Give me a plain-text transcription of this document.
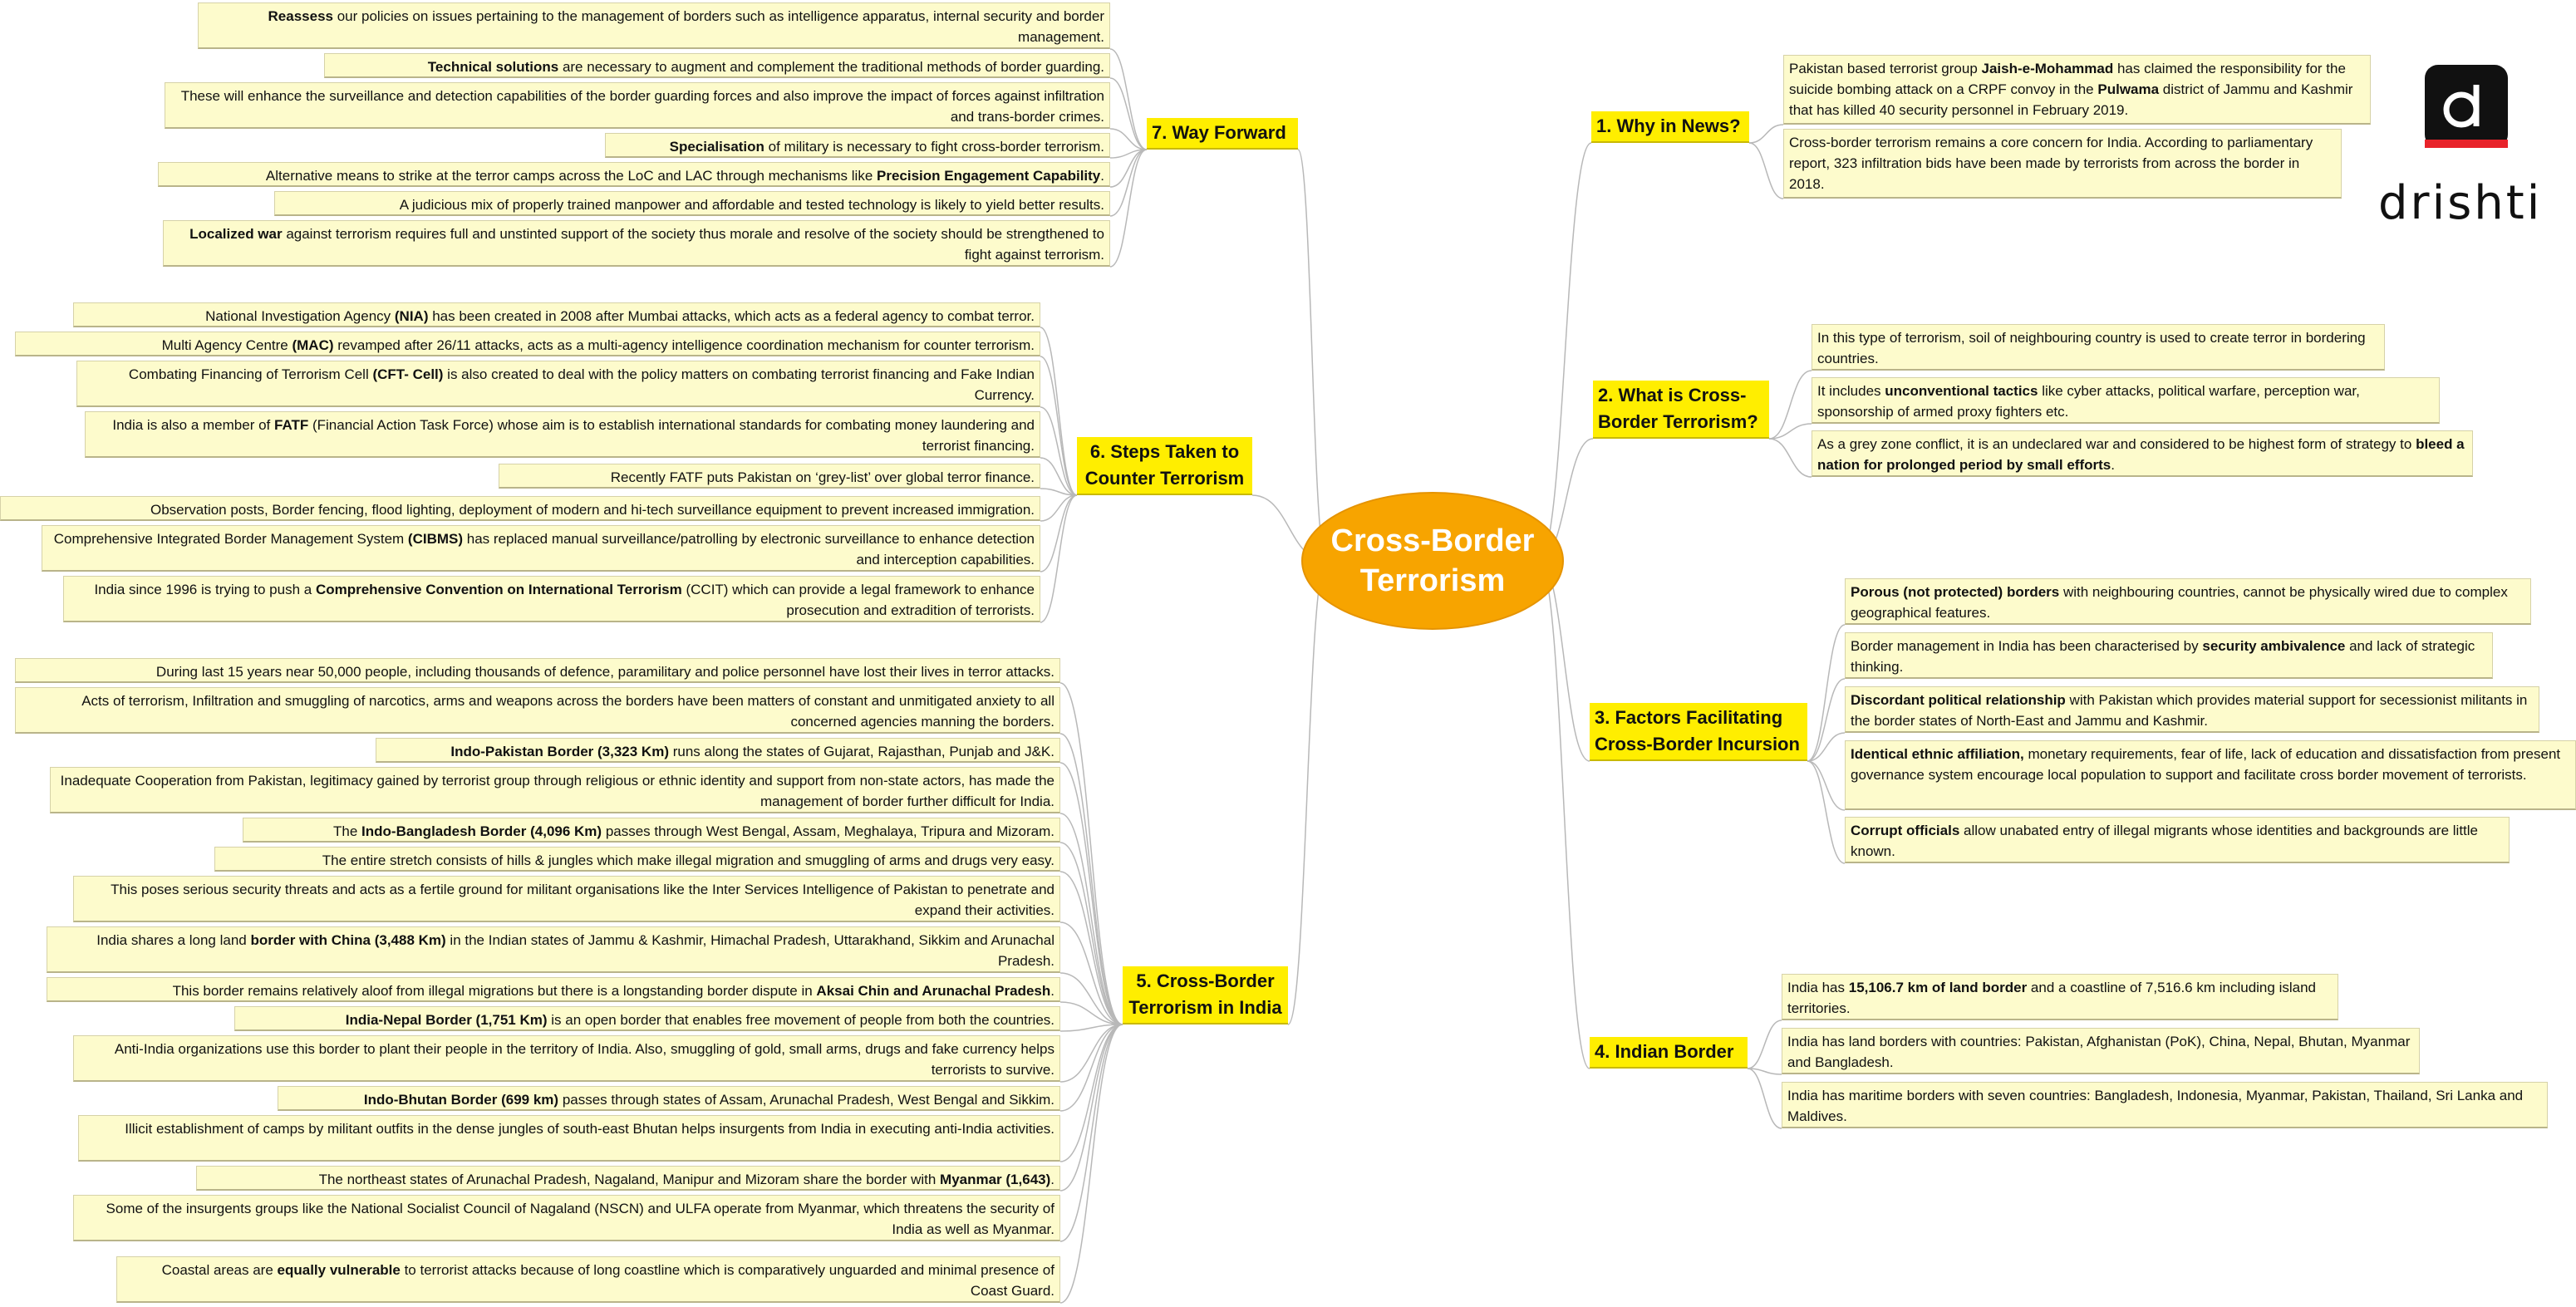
drishti
Cross-Border
Terrorism
1. Why in News?
2. What is Cross-Border Terrorism?
3. Factors Facilitating Cross-Border Incursion
4. Indian Border
5. Cross-Border Terrorism in India
6. Steps Taken to Counter Terrorism
7. Way Forward
Pakistan based terrorist group Jaish-e-Mohammad has claimed the responsibility for the suicide bombing attack on a CRPF convoy in the Pulwama district of Jammu and Kashmir that has killed 40 security personnel in February 2019.
Cross-border terrorism remains a core concern for India. According to parliamentary report, 323 infiltration bids have been made by terrorists from across the border in 2018.
In this type of terrorism, soil of neighbouring country is used to create terror in bordering countries.
It includes unconventional tactics like cyber attacks, political warfare, perception war, sponsorship of armed proxy fighters etc.
As a grey zone conflict, it is an undeclared war and considered to be highest form of strategy to bleed a nation for prolonged period by small efforts.
Porous (not protected) borders with neighbouring countries, cannot be physically wired due to complex geographical features.
Border management in India has been characterised by security ambivalence and lack of strategic thinking.
Discordant political relationship with Pakistan which provides material support for secessionist militants in the border states of North-East and Jammu and Kashmir.
Identical ethnic affiliation, monetary requirements, fear of life, lack of education and dissatisfaction from present governance system encourage local population to support and facilitate cross border movement of terrorists.
Corrupt officials allow unabated entry of illegal migrants whose identities and backgrounds are little known.
India has 15,106.7 km of land border and a coastline of 7,516.6 km including island territories.
India has land borders with countries: Pakistan, Afghanistan (PoK), China, Nepal, Bhutan, Myanmar and Bangladesh.
India has maritime borders with seven countries: Bangladesh, Indonesia, Myanmar, Pakistan, Thailand, Sri Lanka and Maldives.
During last 15 years near 50,000 people, including thousands of defence, paramilitary and police personnel have lost their lives in terror attacks.
Acts of terrorism, Infiltration and smuggling of narcotics, arms and weapons across the borders have been matters of constant and unmitigated anxiety to all concerned agencies manning the borders.
Indo-Pakistan Border (3,323 Km) runs along the states of Gujarat, Rajasthan, Punjab and J&K.
Inadequate Cooperation from Pakistan, legitimacy gained by terrorist group through religious or ethnic identity and support from non-state actors, has made the management of border further difficult for India.
The Indo-Bangladesh Border (4,096 Km) passes through West Bengal, Assam, Meghalaya, Tripura and Mizoram.
The entire stretch consists of hills & jungles which make illegal migration and smuggling of arms and drugs very easy.
This poses serious security threats and acts as a fertile ground for militant organisations like the Inter Services Intelligence of Pakistan to penetrate and expand their activities.
India shares a long land border with China (3,488 Km) in the Indian states of Jammu & Kashmir, Himachal Pradesh, Uttarakhand, Sikkim and Arunachal Pradesh.
This border remains relatively aloof from illegal migrations but there is a longstanding border dispute in Aksai Chin and Arunachal Pradesh.
India-Nepal Border (1,751 Km) is an open border that enables free movement of people from both the countries.
Anti-India organizations use this border to plant their people in the territory of India. Also, smuggling of gold, small arms, drugs and fake currency helps terrorists to survive.
Indo-Bhutan Border (699 km) passes through states of Assam, Arunachal Pradesh, West Bengal and Sikkim.
Illicit establishment of camps by militant outfits in the dense jungles of south-east Bhutan helps insurgents from India in executing anti-India activities.
The northeast states of Arunachal Pradesh, Nagaland, Manipur and Mizoram share the border with Myanmar (1,643).
Some of the insurgents groups like the National Socialist Council of Nagaland (NSCN) and ULFA operate from Myanmar, which threatens the security of India as well as Myanmar.
Coastal areas are equally vulnerable to terrorist attacks because of long coastline which is comparatively unguarded and minimal presence of Coast Guard.
National Investigation Agency (NIA) has been created in 2008 after Mumbai attacks, which acts as a federal agency to combat terror.
Multi Agency Centre (MAC) revamped after 26/11 attacks, acts as a multi-agency intelligence coordination mechanism for counter terrorism.
Combating Financing of Terrorism Cell (CFT- Cell) is also created to deal with the policy matters on combating terrorist financing and Fake Indian Currency.
India is also a member of FATF (Financial Action Task Force) whose aim is to establish international standards for combating money laundering and terrorist financing.
Recently FATF puts Pakistan on ‘grey-list’ over global terror finance.
Observation posts, Border fencing, flood lighting, deployment of modern and hi-tech surveillance equipment to prevent increased immigration.
Comprehensive Integrated Border Management System (CIBMS) has replaced manual surveillance/patrolling by electronic surveillance to enhance detection and interception capabilities.
India since 1996 is trying to push a Comprehensive Convention on International Terrorism (CCIT) which can provide a legal framework to enhance prosecution and extradition of terrorists.
Reassess our policies on issues pertaining to the management of borders such as intelligence apparatus, internal security and border management.
Technical solutions are necessary to augment and complement the traditional methods of border guarding.
These will enhance the surveillance and detection capabilities of the border guarding forces and also improve the impact of forces against infiltration and trans-border crimes.
Specialisation of military is necessary to fight cross-border terrorism.
Alternative means to strike at the terror camps across the LoC and LAC through mechanisms like Precision Engagement Capability.
A judicious mix of properly trained manpower and affordable and tested technology is likely to yield better results.
Localized war against terrorism requires full and unstinted support of the society thus morale and resolve of the society should be strengthened to fight against terrorism.
